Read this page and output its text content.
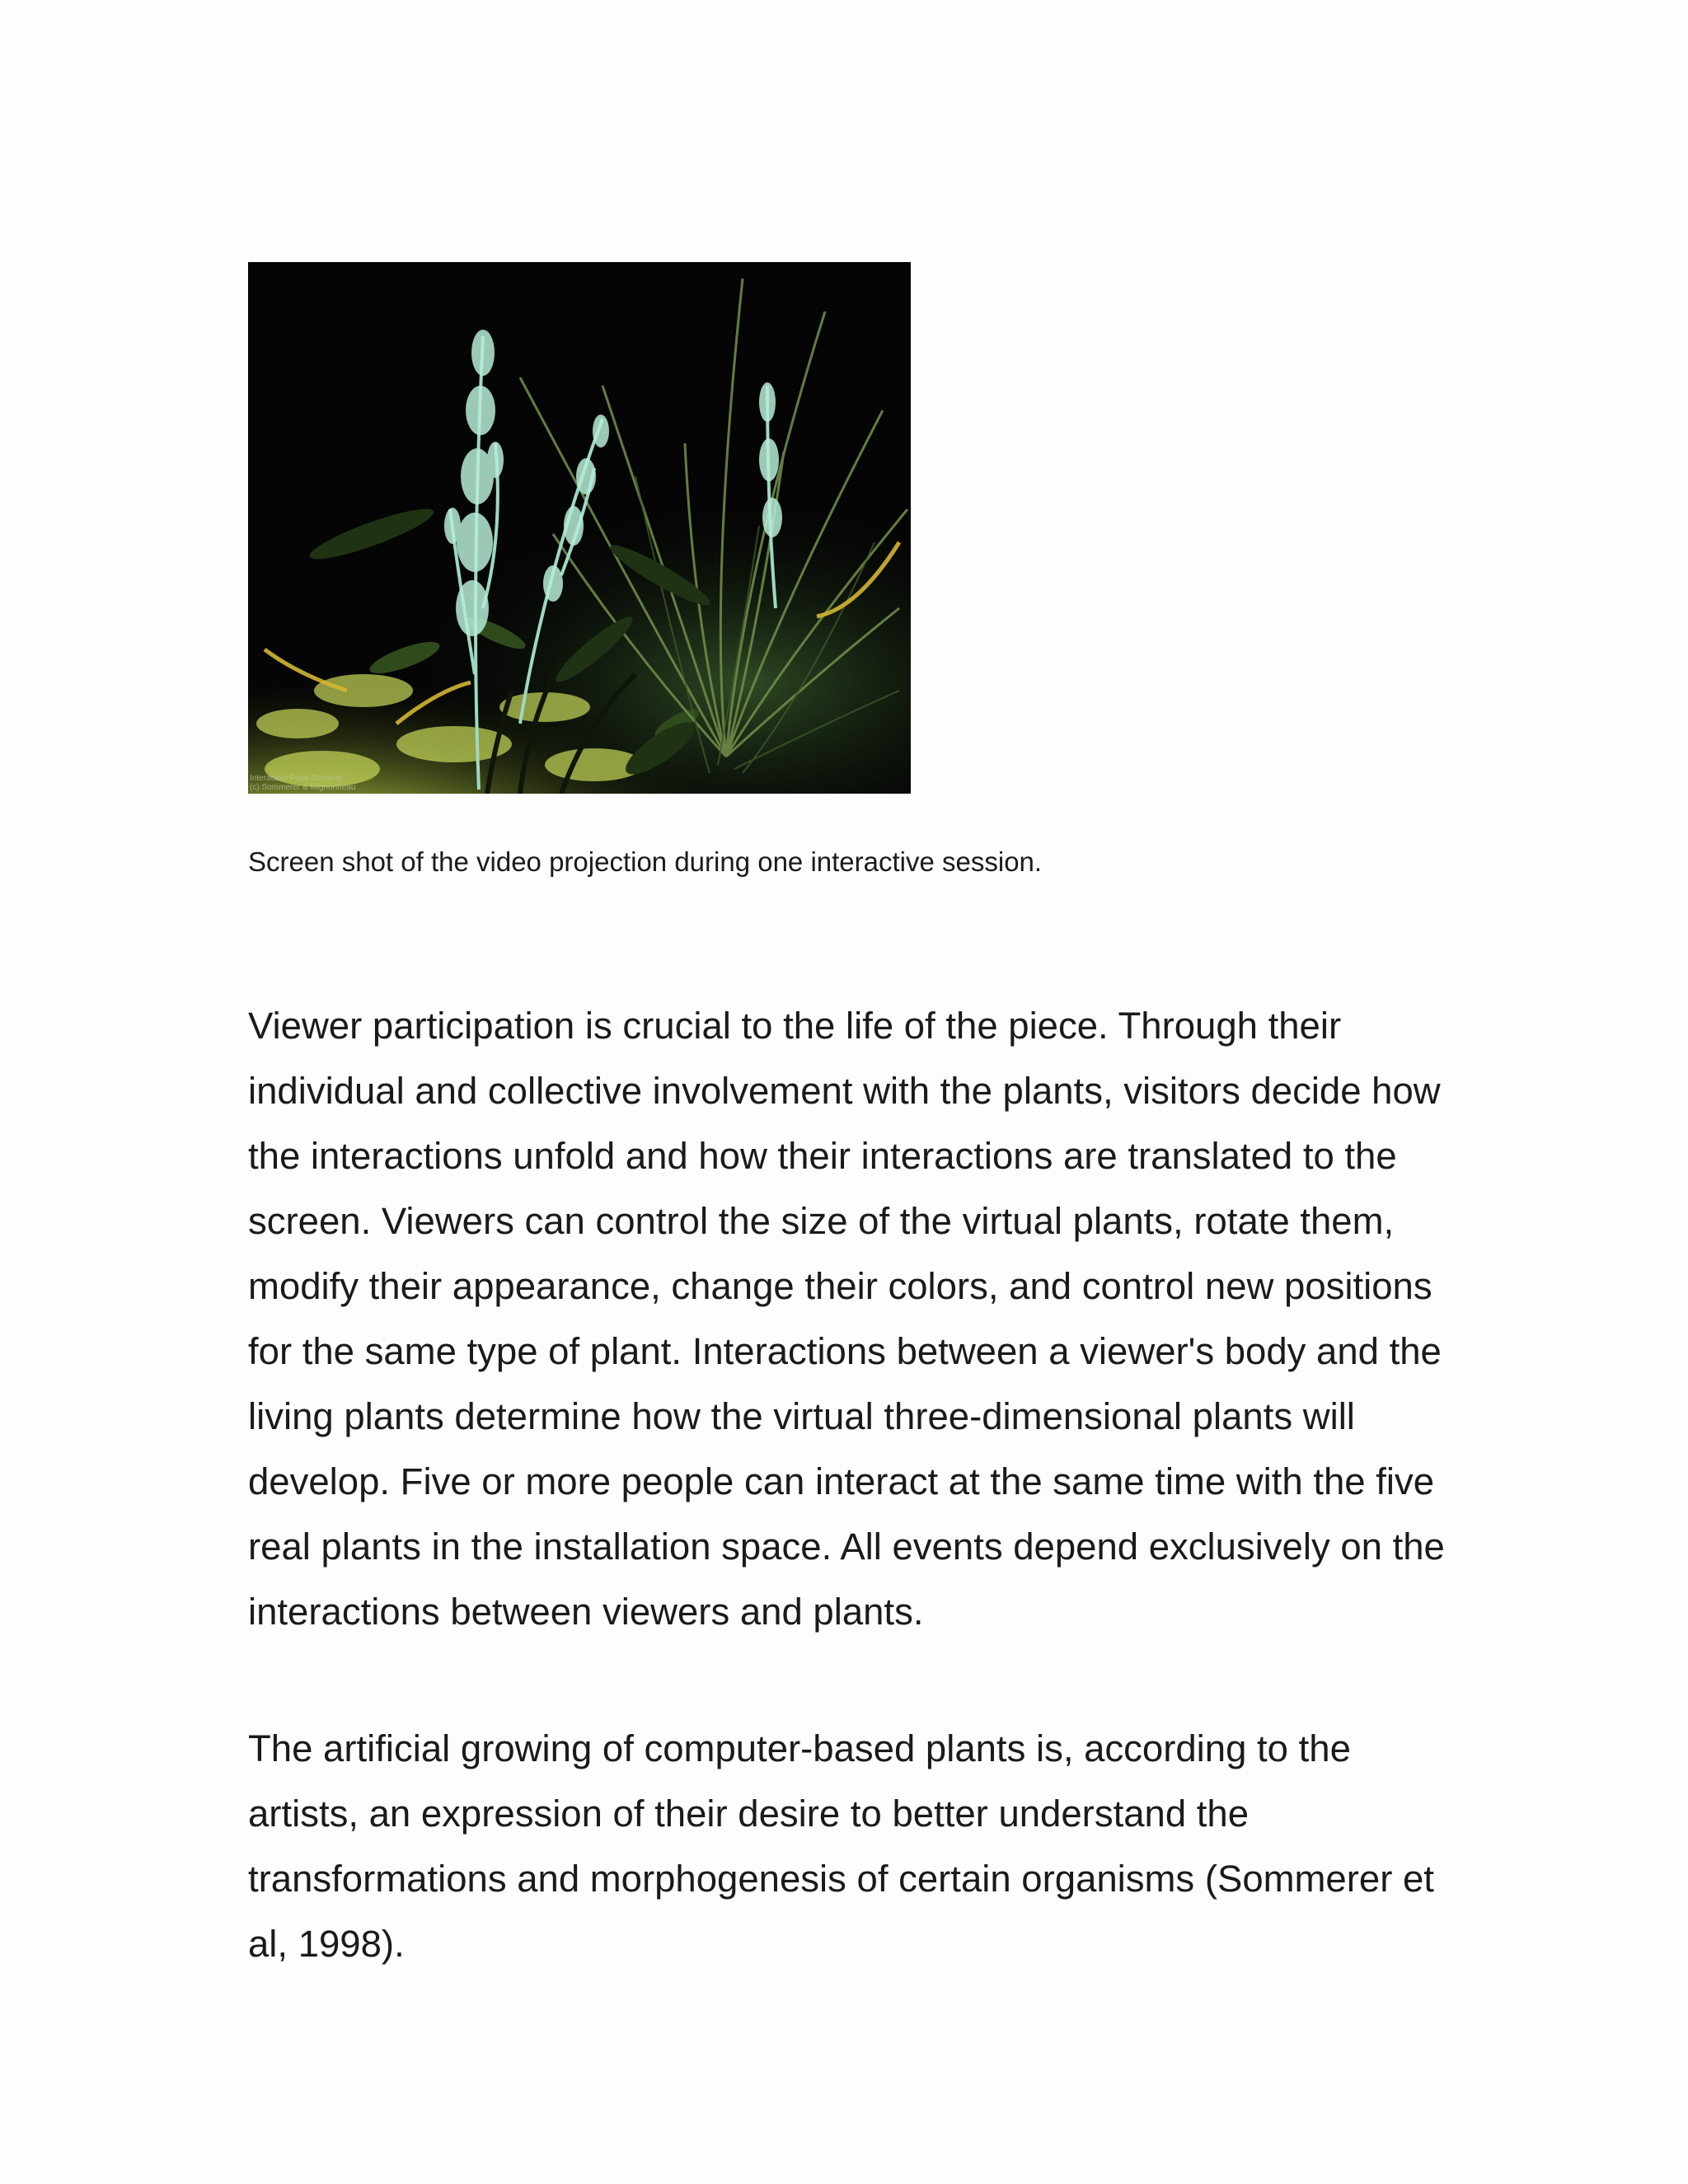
Interactive Plant Growing
(c) Sommerer & Mignonneau
Screen shot of the video projection during one interactive session.

Viewer participation is crucial to the life of the piece. Through their
individual and collective involvement with the plants, visitors decide how
the interactions unfold and how their interactions are translated to the
screen. Viewers can control the size of the virtual plants, rotate them,
modify their appearance, change their colors, and control new positions
for the same type of plant. Interactions between a viewer's body and the
living plants determine how the virtual three-dimensional plants will
develop. Five or more people can interact at the same time with the five
real plants in the installation space. All events depend exclusively on the
interactions between viewers and plants.

The artificial growing of computer-based plants is, according to the
artists, an expression of their desire to better understand the
transformations and morphogenesis of certain organisms (Sommerer et
al, 1998).
